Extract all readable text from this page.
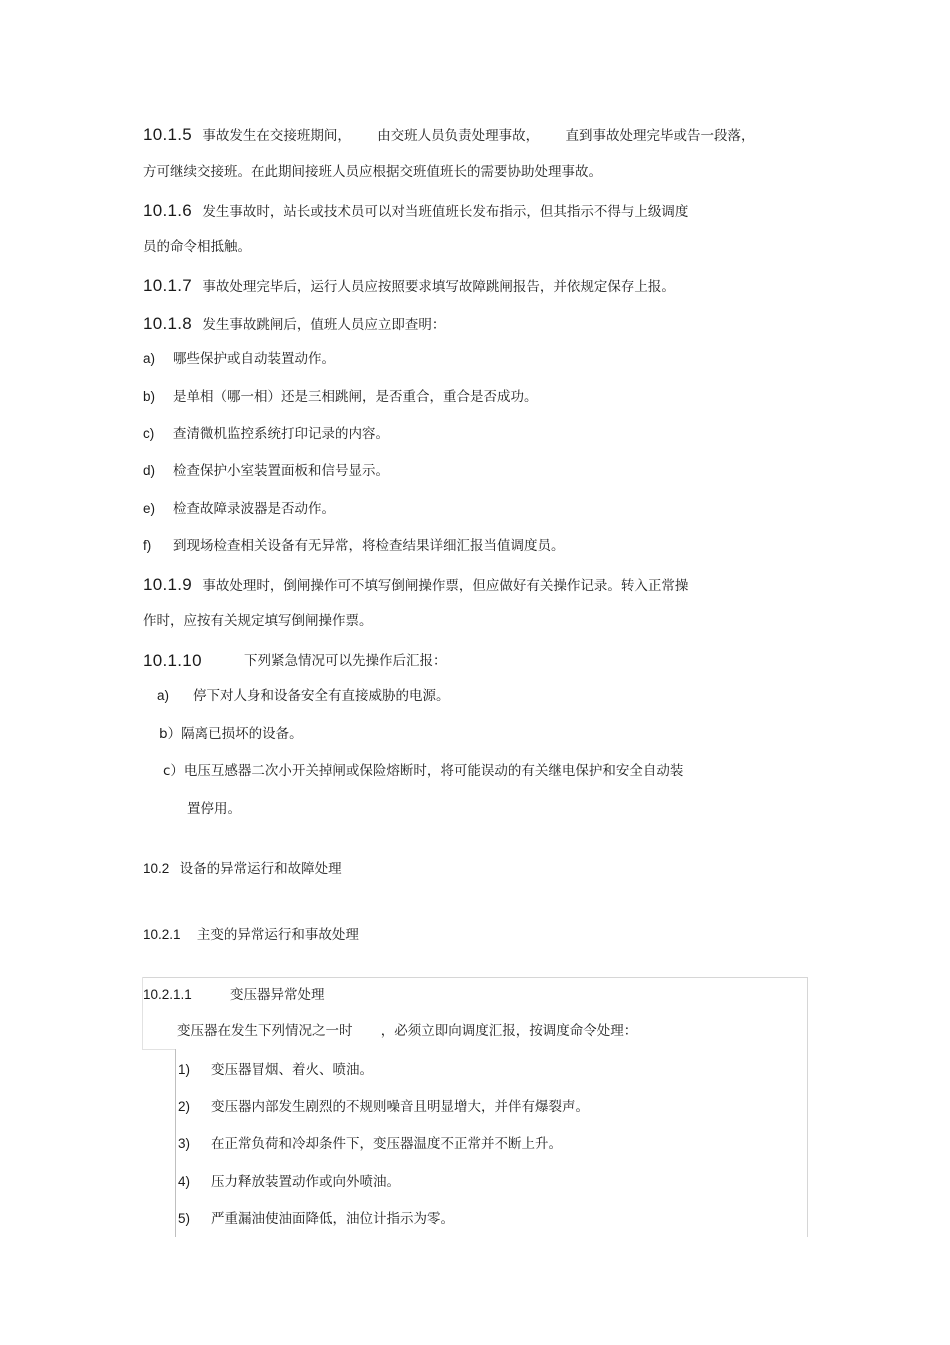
10.1.5 事故发生在交接班期间， 由交班人员负责处理事故， 直到事故处理完毕或告一段落，
方可继续交接班。在此期间接班人员应根据交班值班长的需要协助处理事故。
10.1.6 发生事故时，站长或技术员可以对当班值班长发布指示，但其指示不得与上级调度
员的命令相抵触。
10.1.7 事故处理完毕后，运行人员应按照要求填写故障跳闸报告，并依规定保存上报。
10.1.8 发生事故跳闸后，值班人员应立即查明：
a) 哪些保护或自动装置动作。
b) 是单相（哪一相）还是三相跳闸，是否重合，重合是否成功。
c) 查清微机监控系统打印记录的内容。
d) 检查保护小室装置面板和信号显示。
e) 检查故障录波器是否动作。
f) 到现场检查相关设备有无异常，将检查结果详细汇报当值调度员。
10.1.9 事故处理时，倒闸操作可不填写倒闸操作票，但应做好有关操作记录。转入正常操
作时，应按有关规定填写倒闸操作票。
10.1.10	下列紧急情况可以先操作后汇报：
a) 停下对人身和设备安全有直接威胁的电源。
b）隔离已损坏的设备。
c）电压互感器二次小开关掉闸或保险熔断时，将可能误动的有关继电保护和安全自动装
置停用。
10.2 设备的异常运行和故障处理
10.2.1 主变的异常运行和事故处理
10.2.1.1	变压器异常处理
变压器在发生下列情况之一时 ，必须立即向调度汇报，按调度命令处理：
1) 变压器冒烟、着火、喷油。
2) 变压器内部发生剧烈的不规则噪音且明显增大，并伴有爆裂声。
3) 在正常负荷和冷却条件下，变压器温度不正常并不断上升。
4) 压力释放装置动作或向外喷油。
5) 严重漏油使油面降低，油位计指示为零。
